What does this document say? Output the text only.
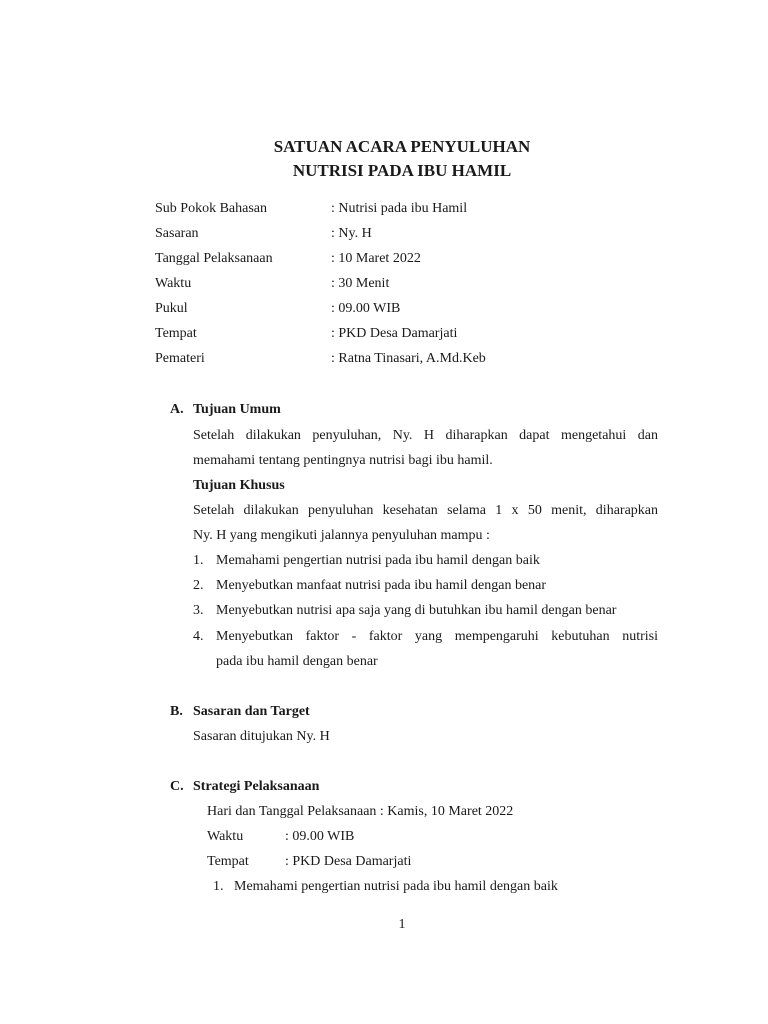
SATUAN ACARA PENYULUHAN
NUTRISI PADA IBU HAMIL
Sub Pokok Bahasan	: Nutrisi pada ibu Hamil
Sasaran	: Ny. H
Tanggal Pelaksanaan	: 10 Maret 2022
Waktu	: 30 Menit
Pukul	: 09.00 WIB
Tempat	: PKD Desa Damarjati
Pemateri	: Ratna Tinasari, A.Md.Keb
A. Tujuan Umum
Setelah dilakukan penyuluhan, Ny. H diharapkan dapat mengetahui dan
memahami tentang pentingnya nutrisi bagi ibu hamil.
Tujuan Khusus
Setelah dilakukan penyuluhan kesehatan selama 1 x 50 menit, diharapkan
Ny. H yang mengikuti jalannya penyuluhan mampu :
1. Memahami pengertian nutrisi pada ibu hamil dengan baik
2. Menyebutkan manfaat nutrisi pada ibu hamil dengan benar
3. Menyebutkan nutrisi apa saja yang di butuhkan ibu hamil dengan benar
4. Menyebutkan faktor - faktor yang mempengaruhi kebutuhan nutrisi
pada ibu hamil dengan benar
B. Sasaran dan Target
Sasaran ditujukan Ny. H
C. Strategi Pelaksanaan
Hari dan Tanggal Pelaksanaan : Kamis, 10 Maret 2022
Waktu	: 09.00 WIB
Tempat	: PKD Desa Damarjati
1. Memahami pengertian nutrisi pada ibu hamil dengan baik
1
